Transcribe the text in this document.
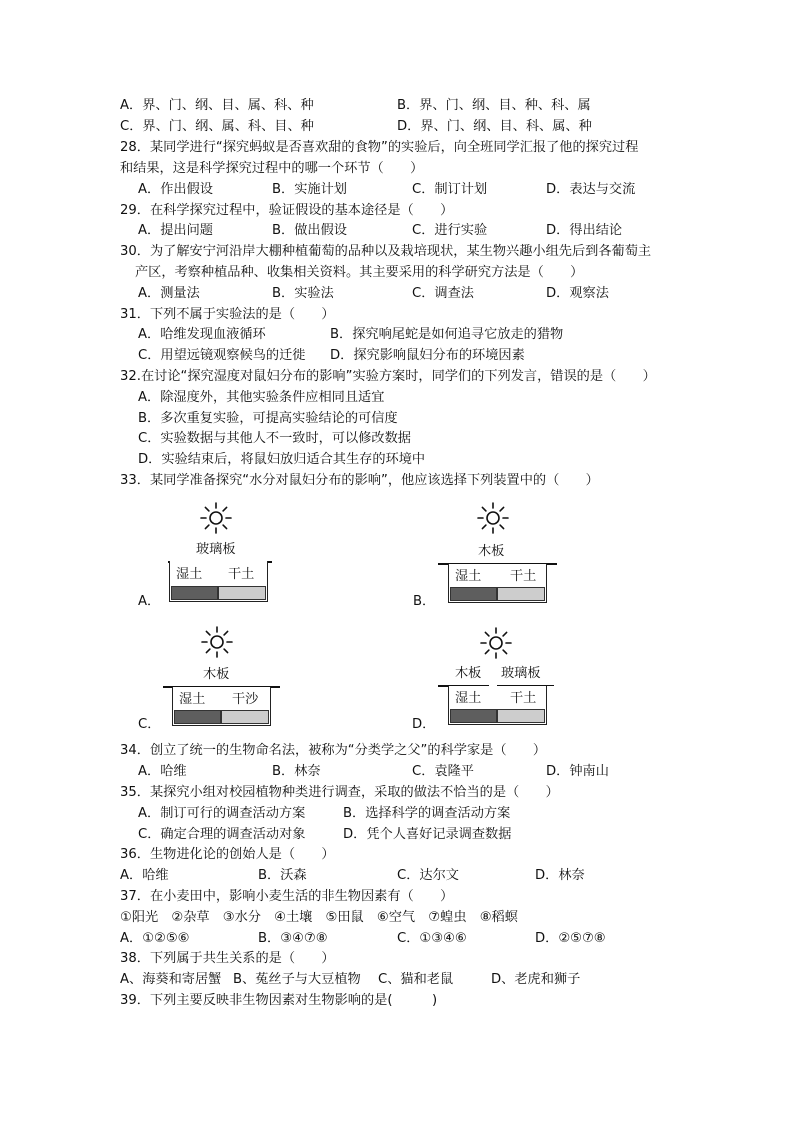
A．界、门、纲、目、属、科、种	B．界、门、纲、目、种、科、属
C．界、门、纲、属、科、目、种	D．界、门、纲、目、科、属、种
28．某同学进行“探究蚂蚁是否喜欢甜的食物”的实验后，向全班同学汇报了他的探究过程
和结果，这是科学探究过程中的哪一个环节（　　）
A．作出假设	B．实施计划	C．制订计划	D．表达与交流
29．在科学探究过程中，验证假设的基本途径是（　　）
A．提出问题	B．做出假设	C．进行实验	D．得出结论
30．为了解安宁河沿岸大棚种植葡萄的品种以及栽培现状，某生物兴趣小组先后到各葡萄主
产区，考察种植品种、收集相关资料。其主要采用的科学研究方法是（　　）
A．测量法	B．实验法	C．调查法	D．观察法
31．下列不属于实验法的是（　　）
A．哈维发现血液循环	B．探究响尾蛇是如何追寻它放走的猎物
C．用望远镜观察候鸟的迁徙 D．探究影响鼠妇分布的环境因素
32.在讨论“探究湿度对鼠妇分布的影响”实验方案时，同学们的下列发言，错误的是（　　）
A．除湿度外，其他实验条件应相同且适宜
B．多次重复实验，可提高实验结论的可信度
C．实验数据与其他人不一致时，可以修改数据
D．实验结束后，将鼠妇放归适合其生存的环境中
33．某同学准备探究“水分对鼠妇分布的影响”，他应该选择下列装置中的（　　）
玻璃板
湿土 干土
A．
木板
湿土 干土
B．
木板
湿土 干沙
C．
木板 玻璃板
湿土 干土
D．
34．创立了统一的生物命名法，被称为“分类学之父”的科学家是（　　）
A．哈维	B．林奈	C．袁隆平	D．钟南山
35．某探究小组对校园植物种类进行调查，采取的做法不恰当的是（　　）
A．制订可行的调查活动方案	B．选择科学的调查活动方案
C．确定合理的调查活动对象	D．凭个人喜好记录调查数据
36．生物进化论的创始人是（　　）
A．哈维	B．沃森	C．达尔文	D．林奈
37．在小麦田中，影响小麦生活的非生物因素有（　　）
①阳光　②杂草　③水分　④土壤　⑤田鼠　⑥空气　⑦蝗虫　⑧稻螟
A．①②⑤⑥	B．③④⑦⑧	C．①③④⑥	D．②⑤⑦⑧
38．下列属于共生关系的是（　　）
A、海葵和寄居蟹 B、菟丝子与大豆植物 C、猫和老鼠	D、老虎和狮子
39．下列主要反映非生物因素对生物影响的是(　　　)
